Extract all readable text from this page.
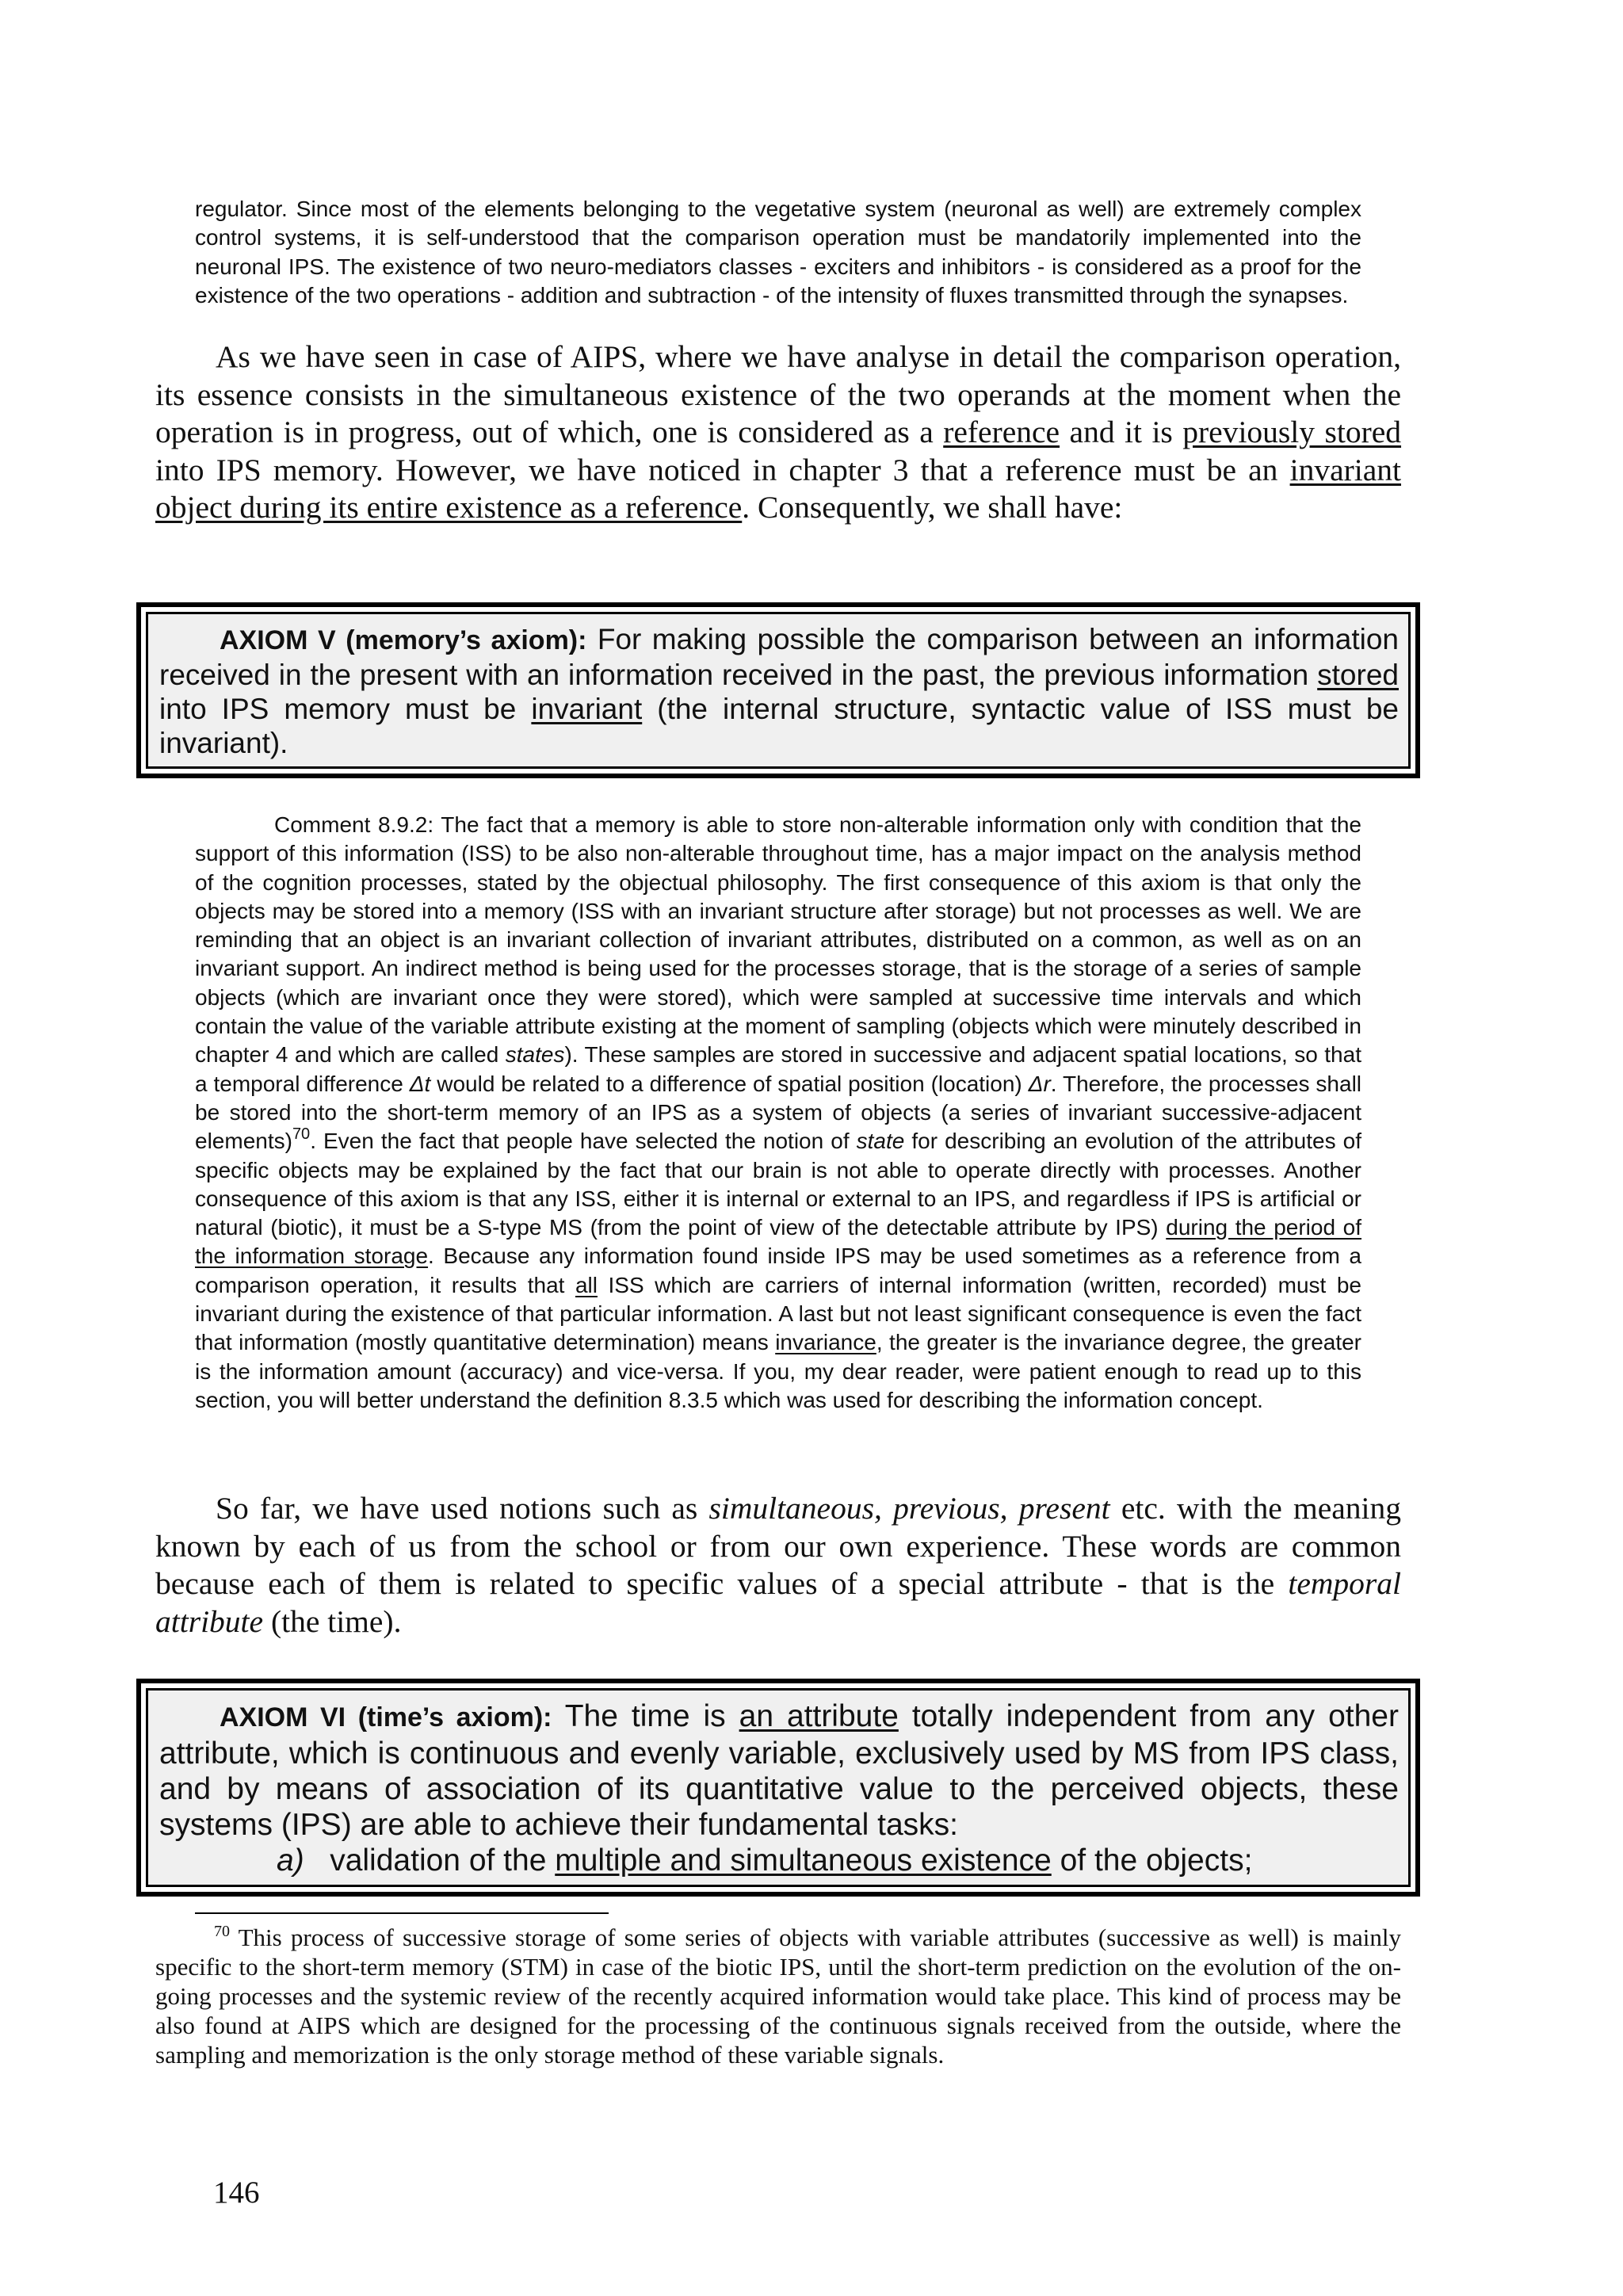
regulator. Since most of the elements belonging to the vegetative system (neuronal as well) are extremely complex control systems, it is self-understood that the comparison operation must be mandatorily implemented into the neuronal IPS. The existence of two neuro-mediators classes - exciters and inhibitors - is considered as a proof for the existence of the two operations - addition and subtraction - of the intensity of fluxes transmitted through the synapses.

As we have seen in case of AIPS, where we have analyse in detail the comparison operation, its essence consists in the simultaneous existence of the two operands at the moment when the operation is in progress, out of which, one is considered as a reference and it is previously stored into IPS memory. However, we have noticed in chapter 3 that a reference must be an invariant object during its entire existence as a reference. Consequently, we shall have:

AXIOM V (memory’s axiom): For making possible the comparison between an information received in the present with an information received in the past, the previous information stored into IPS memory must be invariant (the internal structure, syntactic value of ISS must be invariant).

Comment 8.9.2: The fact that a memory is able to store non-alterable information only with condition that the support of this information (ISS) to be also non-alterable throughout time, has a major impact on the analysis method of the cognition processes, stated by the objectual philosophy. The first consequence of this axiom is that only the objects may be stored into a memory (ISS with an invariant structure after storage) but not processes as well. We are reminding that an object is an invariant collection of invariant attributes, distributed on a common, as well as on an invariant support. An indirect method is being used for the processes storage, that is the storage of a series of sample objects (which are invariant once they were stored), which were sampled at successive time intervals and which contain the value of the variable attribute existing at the moment of sampling (objects which were minutely described in chapter 4 and which are called states). These samples are stored in successive and adjacent spatial locations, so that a temporal difference Δt would be related to a difference of spatial position (location) Δr. Therefore, the processes shall be stored into the short-term memory of an IPS as a system of objects (a series of invariant successive-adjacent elements)$^{70}$. Even the fact that people have selected the notion of state for describing an evolution of the attributes of specific objects may be explained by the fact that our brain is not able to operate directly with processes. Another consequence of this axiom is that any ISS, either it is internal or external to an IPS, and regardless if IPS is artificial or natural (biotic), it must be a S-type MS (from the point of view of the detectable attribute by IPS) during the period of the information storage. Because any information found inside IPS may be used sometimes as a reference from a comparison operation, it results that all ISS which are carriers of internal information (written, recorded) must be invariant during the existence of that particular information. A last but not least significant consequence is even the fact that information (mostly quantitative determination) means invariance, the greater is the invariance degree, the greater is the information amount (accuracy) and vice-versa. If you, my dear reader, were patient enough to read up to this section, you will better understand the definition 8.3.5 which was used for describing the information concept.

So far, we have used notions such as simultaneous, previous, present etc. with the meaning known by each of us from the school or from our own experience. These words are common because each of them is related to specific values of a special attribute - that is the temporal attribute (the time).

AXIOM VI (time’s axiom): The time is an attribute totally independent from any other attribute, which is continuous and evenly variable, exclusively used by MS from IPS class, and by means of association of its quantitative value to the perceived objects, these systems (IPS) are able to achieve their fundamental tasks:

a) validation of the multiple and simultaneous existence of the objects;

$^{70}$ This process of successive storage of some series of objects with variable attributes (successive as well) is mainly specific to the short-term memory (STM) in case of the biotic IPS, until the short-term prediction on the evolution of the on-going processes and the systemic review of the recently acquired information would take place. This kind of process may be also found at AIPS which are designed for the processing of the continuous signals received from the outside, where the sampling and memorization is the only storage method of these variable signals.

146
